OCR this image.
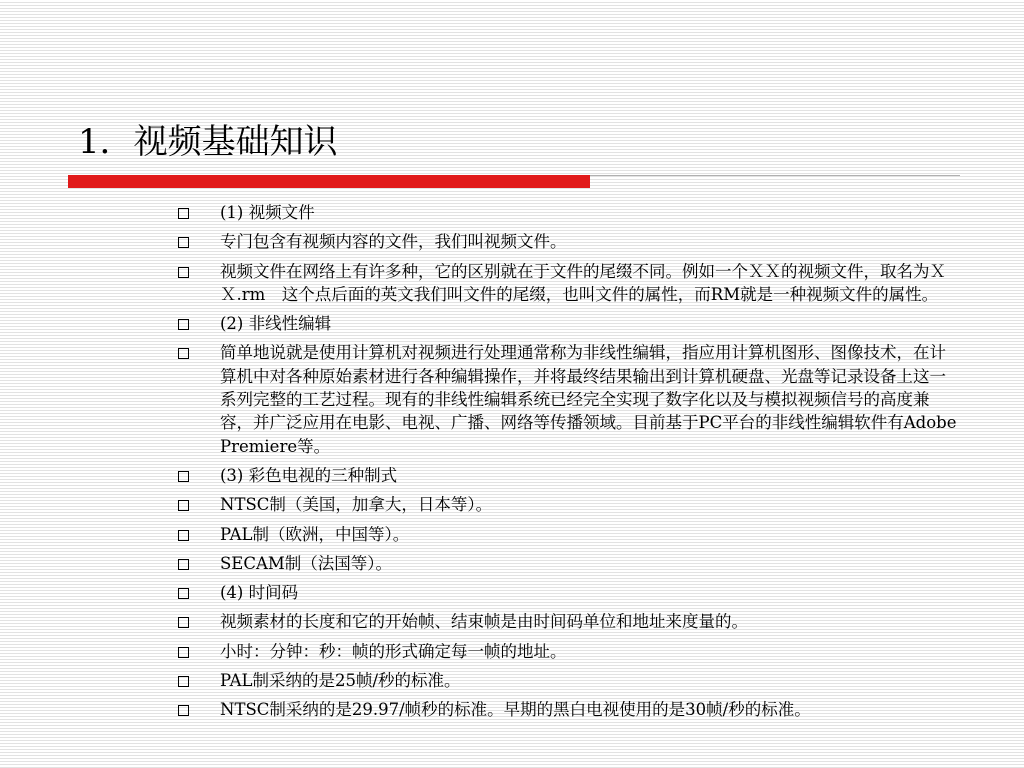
1．视频基础知识
(1) 视频文件
专门包含有视频内容的文件，我们叫视频文件。
视频文件在网络上有许多种，它的区别就在于文件的尾缀不同。例如一个ＸＸ的视频文件，取名为ＸＸ.rm　这个点后面的英文我们叫文件的尾缀，也叫文件的属性，而RM就是一种视频文件的属性。
(2) 非线性编辑
简单地说就是使用计算机对视频进行处理通常称为非线性编辑，指应用计算机图形、图像技术，在计算机中对各种原始素材进行各种编辑操作，并将最终结果输出到计算机硬盘、光盘等记录设备上这一系列完整的工艺过程。现有的非线性编辑系统已经完全实现了数字化以及与模拟视频信号的高度兼容，并广泛应用在电影、电视、广播、网络等传播领域。目前基于PC平台的非线性编辑软件有Adobe Premiere等。
(3) 彩色电视的三种制式
NTSC制（美国，加拿大，日本等）。
PAL制（欧洲，中国等）。
SECAM制（法国等）。
(4) 时间码
视频素材的长度和它的开始帧、结束帧是由时间码单位和地址来度量的。
小时：分钟：秒：帧的形式确定每一帧的地址。
PAL制采纳的是25帧/秒的标准。
NTSC制采纳的是29.97/帧秒的标准。早期的黑白电视使用的是30帧/秒的标准。
